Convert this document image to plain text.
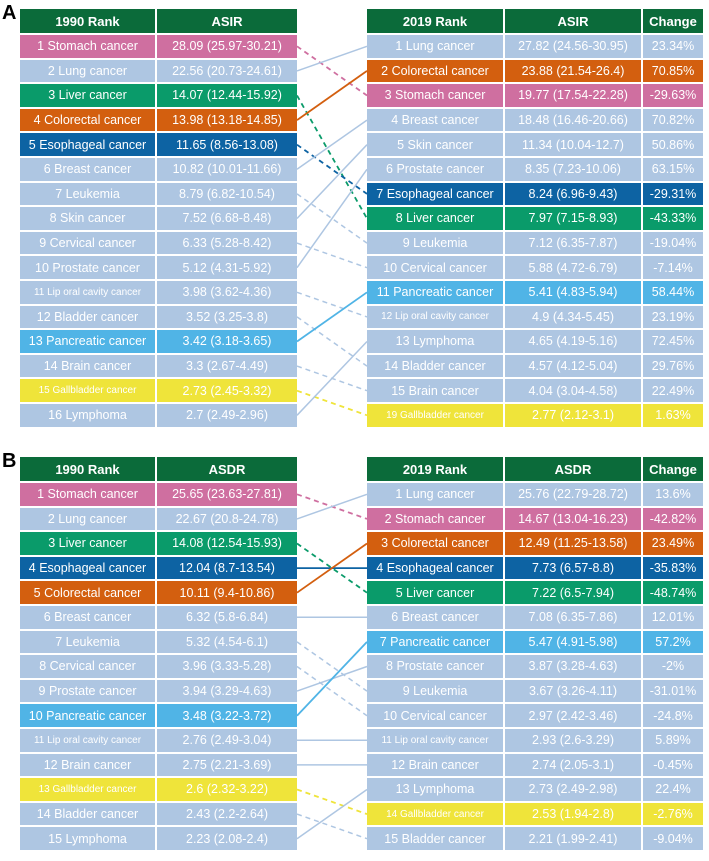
A	1990 Rank	ASIR	2019 Rank	ASIR	Change
1 Stomach cancer	28.09 (25.97-30.21)
2 Lung cancer	22.56 (20.73-24.61)
3 Liver cancer	14.07 (12.44-15.92)
4 Colorectal cancer	13.98 (13.18-14.85)
5 Esophageal cancer	11.65 (8.56-13.08)
6 Breast cancer	10.82 (10.01-11.66)
7 Leukemia	8.79 (6.82-10.54)
8 Skin cancer	7.52 (6.68-8.48)
9 Cervical cancer	6.33 (5.28-8.42)
10 Prostate cancer	5.12 (4.31-5.92)
11 Lip oral cavity cancer	3.98 (3.62-4.36)
12 Bladder cancer	3.52 (3.25-3.8)
13 Pancreatic cancer	3.42 (3.18-3.65)
14 Brain cancer	3.3 (2.67-4.49)
15 Gallbladder cancer	2.73 (2.45-3.32)
16 Lymphoma	2.7 (2.49-2.96)
1 Lung cancer	27.82 (24.56-30.95)	23.34%
2 Colorectal cancer	23.88 (21.54-26.4)	70.85%
3 Stomach cancer	19.77 (17.54-22.28)	-29.63%
4 Breast cancer	18.48 (16.46-20.66)	70.82%
5 Skin cancer	11.34 (10.04-12.7)	50.86%
6 Prostate cancer	8.35 (7.23-10.06)	63.15%
7 Esophageal cancer	8.24 (6.96-9.43)	-29.31%
8 Liver cancer	7.97 (7.15-8.93)	-43.33%
9 Leukemia	7.12 (6.35-7.87)	-19.04%
10 Cervical cancer	5.88 (4.72-6.79)	-7.14%
11 Pancreatic cancer	5.41 (4.83-5.94)	58.44%
12 Lip oral cavity cancer	4.9 (4.34-5.45)	23.19%
13 Lymphoma	4.65 (4.19-5.16)	72.45%
14 Bladder cancer	4.57 (4.12-5.04)	29.76%
15 Brain cancer	4.04 (3.04-4.58)	22.49%
19 Gallbladder cancer	2.77 (2.12-3.1)	1.63%
B	1990 Rank	ASDR	2019 Rank	ASDR	Change
1 Stomach cancer	25.65 (23.63-27.81)
2 Lung cancer	22.67 (20.8-24.78)
3 Liver cancer	14.08 (12.54-15.93)
4 Esophageal cancer	12.04 (8.7-13.54)
5 Colorectal cancer	10.11 (9.4-10.86)
6 Breast cancer	6.32 (5.8-6.84)
7 Leukemia	5.32 (4.54-6.1)
8 Cervical cancer	3.96 (3.33-5.28)
9 Prostate cancer	3.94 (3.29-4.63)
10 Pancreatic cancer	3.48 (3.22-3.72)
11 Lip oral cavity cancer	2.76 (2.49-3.04)
12 Brain cancer	2.75 (2.21-3.69)
13 Gallbladder cancer	2.6 (2.32-3.22)
14 Bladder cancer	2.43 (2.2-2.64)
15 Lymphoma	2.23 (2.08-2.4)
1 Lung cancer	25.76 (22.79-28.72)	13.6%
2 Stomach cancer	14.67 (13.04-16.23)	-42.82%
3 Colorectal cancer	12.49 (11.25-13.58)	23.49%
4 Esophageal cancer	7.73 (6.57-8.8)	-35.83%
5 Liver cancer	7.22 (6.5-7.94)	-48.74%
6 Breast cancer	7.08 (6.35-7.86)	12.01%
7 Pancreatic cancer	5.47 (4.91-5.98)	57.2%
8 Prostate cancer	3.87 (3.28-4.63)	-2%
9 Leukemia	3.67 (3.26-4.11)	-31.01%
10 Cervical cancer	2.97 (2.42-3.46)	-24.8%
11 Lip oral cavity cancer	2.93 (2.6-3.29)	5.89%
12 Brain cancer	2.74 (2.05-3.1)	-0.45%
13 Lymphoma	2.73 (2.49-2.98)	22.4%
14 Gallbladder cancer	2.53 (1.94-2.8)	-2.76%
15 Bladder cancer	2.21 (1.99-2.41)	-9.04%
